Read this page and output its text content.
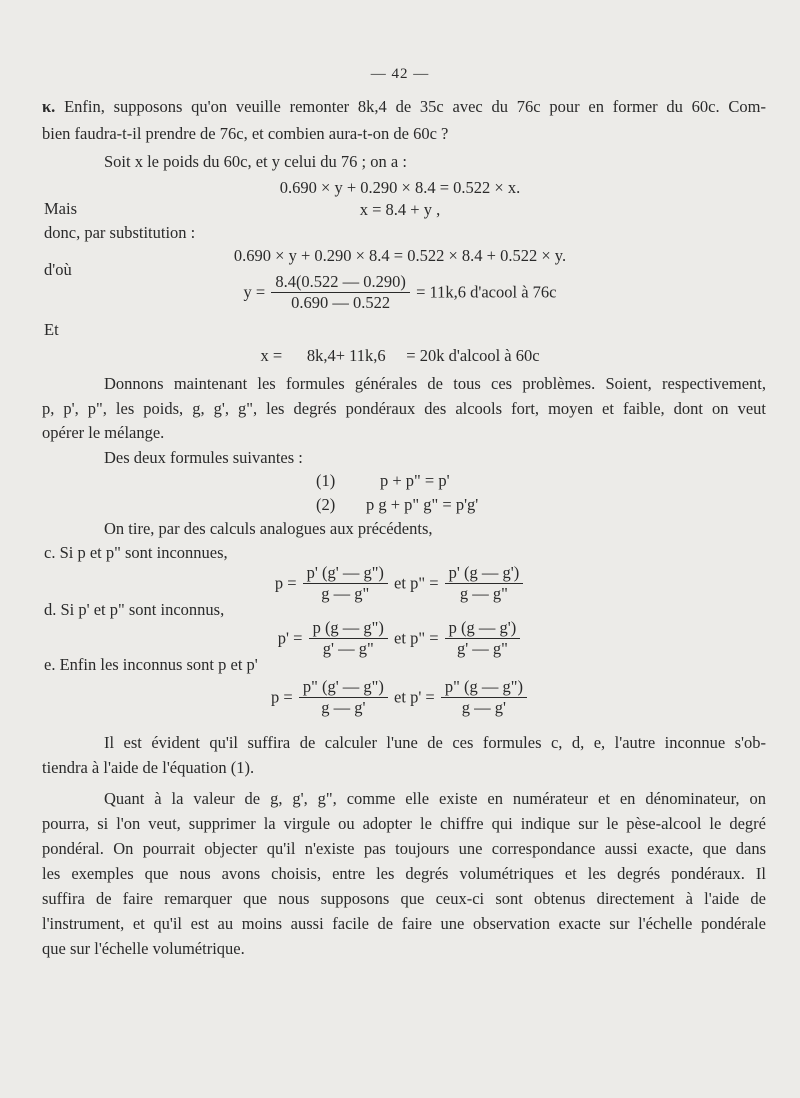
— 42 —
κ. Enfin, supposons qu'on veuille remonter 8k,4 de 35c avec du 76c pour en former du 60c. Com-
bien faudra-t-il prendre de 76c, et combien aura-t-on de 60c ?
Soit x le poids du 60c, et y celui du 76 ; on a :
0.690 × y + 0.290 × 8.4 = 0.522 × x.
Mais	x = 8.4 + y ,
donc, par substitution :
0.690 × y + 0.290 × 8.4 = 0.522 × 8.4 + 0.522 × y.
d'où
$y = \frac{8.4(0.522 — 0.290)}{0.690 — 0.522} = 11k,6$ d'acool à 76c
Et
x =      8k,4+ 11k,6     = 20k d'alcool à 60c
Donnons maintenant les formules générales de tous ces problèmes. Soient, respectivement,
p, p', p", les poids, g, g', g", les degrés pondéraux des alcools fort, moyen et faible, dont on veut
opérer le mélange.
Des deux formules suivantes :
(1)	p + p" = p'
(2) p g + p" g" = p'g'
On tire, par des calculs analogues aux précédents,
c. Si p et p" sont inconnues,
$p = \frac{p' (g' — g")}{g — g"}$ et p" = $\frac{p' (g — g')}{g — g"}$
d. Si p' et p" sont inconnus,
$p' = \frac{p (g — g")}{g' — g"}$ et p" = $\frac{p (g — g')}{g' — g"}$
e. Enfin les inconnus sont p et p'
$p = \frac{p" (g' — g")}{g — g'}$ et $p' = \frac{p" (g — g")}{g — g'}$
Il est évident qu'il suffira de calculer l'une de ces formules c, d, e, l'autre inconnue s'ob-
tiendra à l'aide de l'équation (1).
Quant à la valeur de g, g', g", comme elle existe en numérateur et en dénominateur, on
pourra, si l'on veut, supprimer la virgule ou adopter le chiffre qui indique sur le pèse-alcool le degré
pondéral. On pourrait objecter qu'il n'existe pas toujours une correspondance aussi exacte, que dans
les exemples que nous avons choisis, entre les degrés volumétriques et les degrés pondéraux. Il
suffira de faire remarquer que nous supposons que ceux-ci sont obtenus directement à l'aide de
l'instrument, et qu'il est au moins aussi facile de faire une observation exacte sur l'échelle pondérale
que sur l'échelle volumétrique.
